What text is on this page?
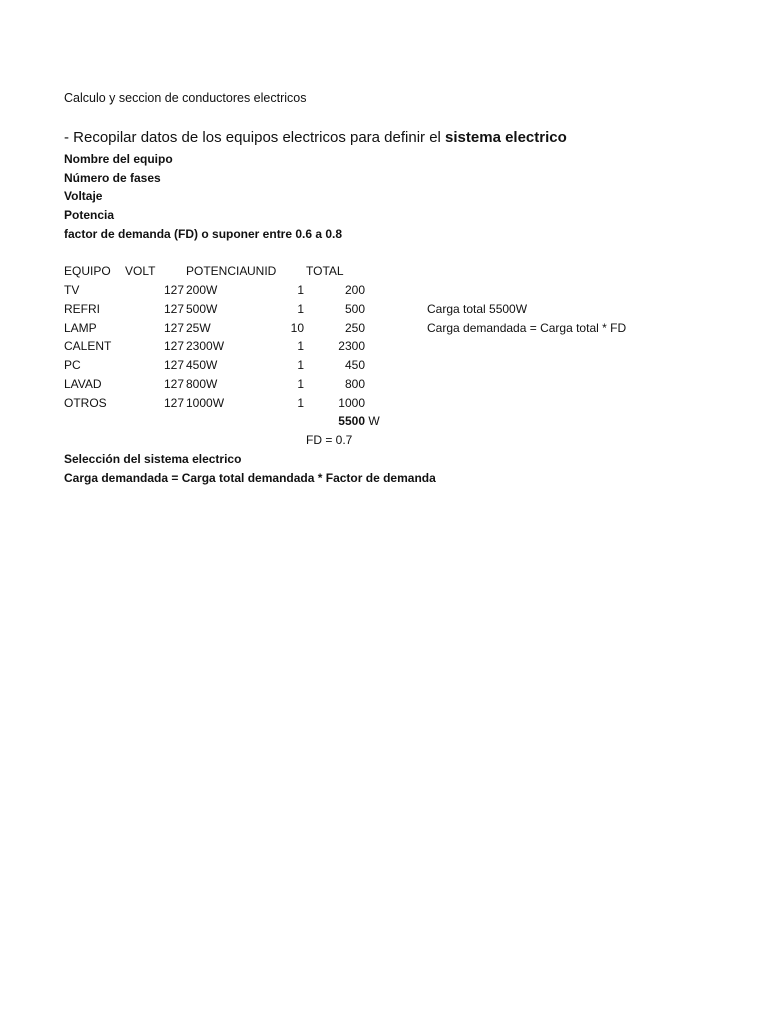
Calculo y seccion de conductores electricos
- Recopilar datos de los equipos electricos para definir el sistema electrico
Nombre del equipo
Número de fases
Voltaje
Potencia
factor de demanda (FD) o suponer entre 0.6 a 0.8
EQUIPO VOLT	POTENCIA UNID TOTAL
TV	127 200W	1	200
REFRI	127 500W	1	500
LAMP	127 25W	10	250
CALENT	127 2300W	1	2300
PC	127 450W	1	450
LAVAD	127 800W	1	800
OTROS	127 1000W	1	1000
5500 W
FD = 0.7
Carga total 5500W
Carga demandada = Carga total * FD
Selección del sistema electrico
Carga demandada = Carga total demandada * Factor de demanda
